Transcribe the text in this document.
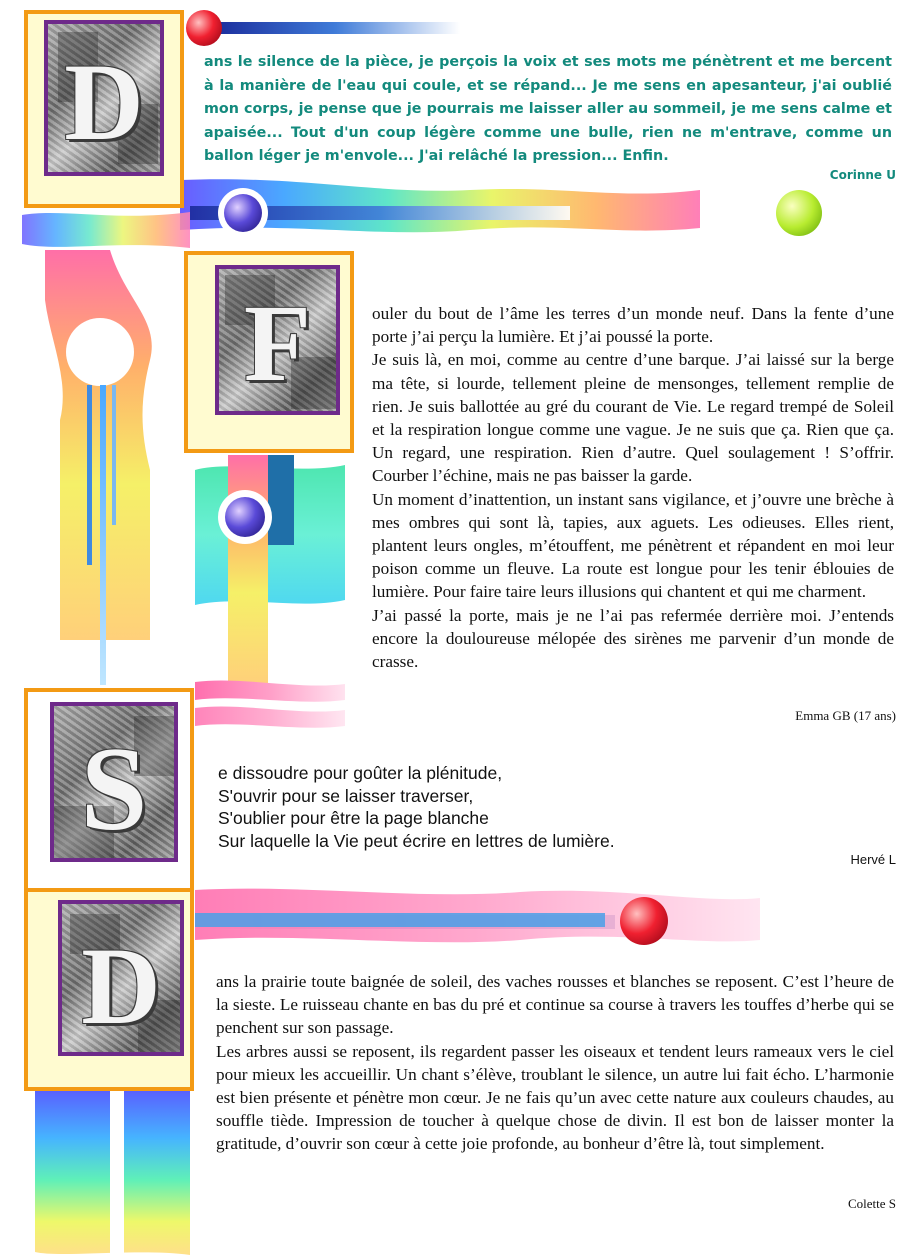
D	ans le silence de la pièce, je perçois la voix et ses mots me pénètrent et me bercent à la manière de l'eau qui coule, et se répand... Je me sens en apesanteur, j'ai oublié mon corps, je pense que je pourrais me laisser aller au sommeil, je me sens calme et apaisée... Tout d'un coup légère comme une bulle, rien ne m'entrave, comme un ballon léger je m'envole... J'ai relâché la pression... Enfin.

Corinne U
F	ouler du bout de l’âme les terres d’un monde neuf. Dans la fente d’une porte j’ai perçu la lumière. Et j’ai poussé la porte.

Je suis là, en moi, comme au centre d’une barque. J’ai laissé sur la berge ma tête, si lourde, tellement pleine de mensonges, tellement remplie de rien. Je suis ballottée au gré du courant de Vie. Le regard trempé de Soleil et la respiration longue comme une vague. Je ne suis que ça. Rien que ça. Un regard, une respiration. Rien d’autre. Quel soulagement ! S’offrir. Courber l’échine, mais ne pas baisser la garde.

Un moment d’inattention, un instant sans vigilance, et j’ouvre une brèche à mes ombres qui sont là, tapies, aux aguets. Les odieuses. Elles rient, plantent leurs ongles, m’étouffent, me pénètrent et répandent en moi leur poison comme un fleuve. La route est longue pour les tenir éblouies de lumière. Pour faire taire leurs illusions qui chantent et qui me charment.

J’ai passé la porte, mais je ne l’ai pas refermée derrière moi. J’entends encore la douloureuse mélopée des sirènes me parvenir d’un monde de crasse.

Emma GB (17 ans)
S	e dissoudre pour goûter la plénitude,
S'ouvrir pour se laisser traverser,
S'oublier pour être la page blanche
Sur laquelle la Vie peut écrire en lettres de lumière.
Hervé L
D	ans la prairie toute baignée de soleil, des vaches rousses et blanches se reposent. C’est l’heure de la sieste. Le ruisseau chante en bas du pré et continue sa course à travers les touffes d’herbe qui se penchent sur son passage.

Les arbres aussi se reposent, ils regardent passer les oiseaux et tendent leurs rameaux vers le ciel pour mieux les accueillir. Un chant s’élève, troublant le silence, un autre lui fait écho. L’harmonie est bien présente et pénètre mon cœur. Je ne fais qu’un avec cette nature aux couleurs chaudes, au souffle tiède. Impression de toucher à quelque chose de divin. Il est bon de laisser monter la gratitude, d’ouvrir son cœur à cette joie profonde, au bonheur d’être là, tout simplement.

Colette S
